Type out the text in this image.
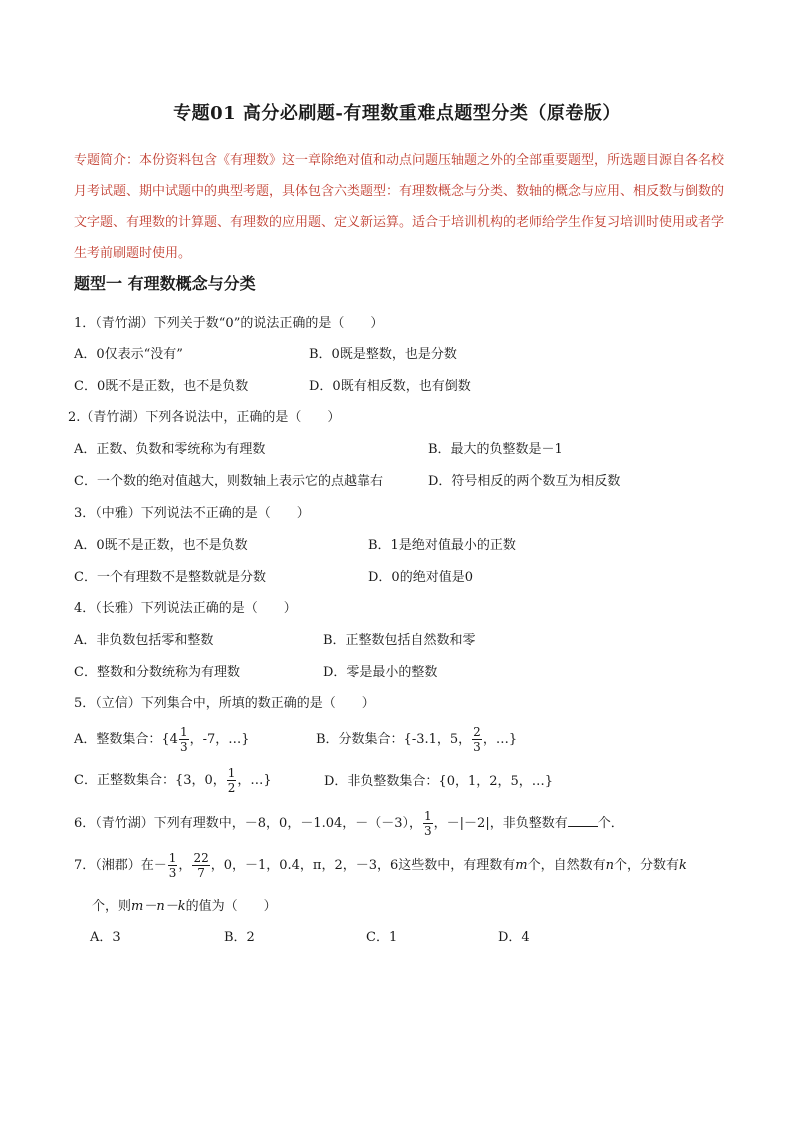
专题01 高分必刷题-有理数重难点题型分类（原卷版）
专题简介：本份资料包含《有理数》这一章除绝对值和动点问题压轴题之外的全部重要题型，所选题目源自各名校月考试题、期中试题中的典型考题，具体包含六类题型：有理数概念与分类、数轴的概念与应用、相反数与倒数的文字题、有理数的计算题、有理数的应用题、定义新运算。适合于培训机构的老师给学生作复习培训时使用或者学生考前刷题时使用。
题型一 有理数概念与分类
1．（青竹湖）下列关于数“0”的说法正确的是（　　）
A．0仅表示“没有”	B．0既是整数，也是分数
C．0既不是正数，也不是负数	D．0既有相反数，也有倒数
2.（青竹湖）下列各说法中，正确的是（　　）
A．正数、负数和零统称为有理数	B．最大的负整数是－1
C．一个数的绝对值越大，则数轴上表示它的点越靠右	D．符号相反的两个数互为相反数
3．（中雅）下列说法不正确的是（　　）
A．0既不是正数，也不是负数	B．1是绝对值最小的正数
C．一个有理数不是整数就是分数	D．0的绝对值是0
4．（长雅）下列说法正确的是（　　）
A．非负数包括零和整数	B．正整数包括自然数和零
C．整数和分数统称为有理数	D．零是最小的整数
5．（立信）下列集合中，所填的数正确的是（　　）
A．整数集合：{$4 \frac{1}{3}$ ，-7，…}	B．分数集合：{-3.1，5， $\frac{2}{3}$ ，…}
C．正整数集合：{3，0， $\frac{1}{2}$ ，…}	D．非负整数集合：{0，1，2，5，…}
6．（青竹湖）下列有理数中，－8，0，－1.04，－（－3）， $\frac{1}{3}$ ，－|－2|，非负整数有 个．
7．（湘郡）在－ $\frac{1}{3}$ ， $\frac{22}{7}$ ，0，－1，0.4，π，2，－3，6这些数中，有理数有m个，自然数有n个，分数有k
个，则m－n－k的值为（　　）
A．3	B．2	C．1	D．4
